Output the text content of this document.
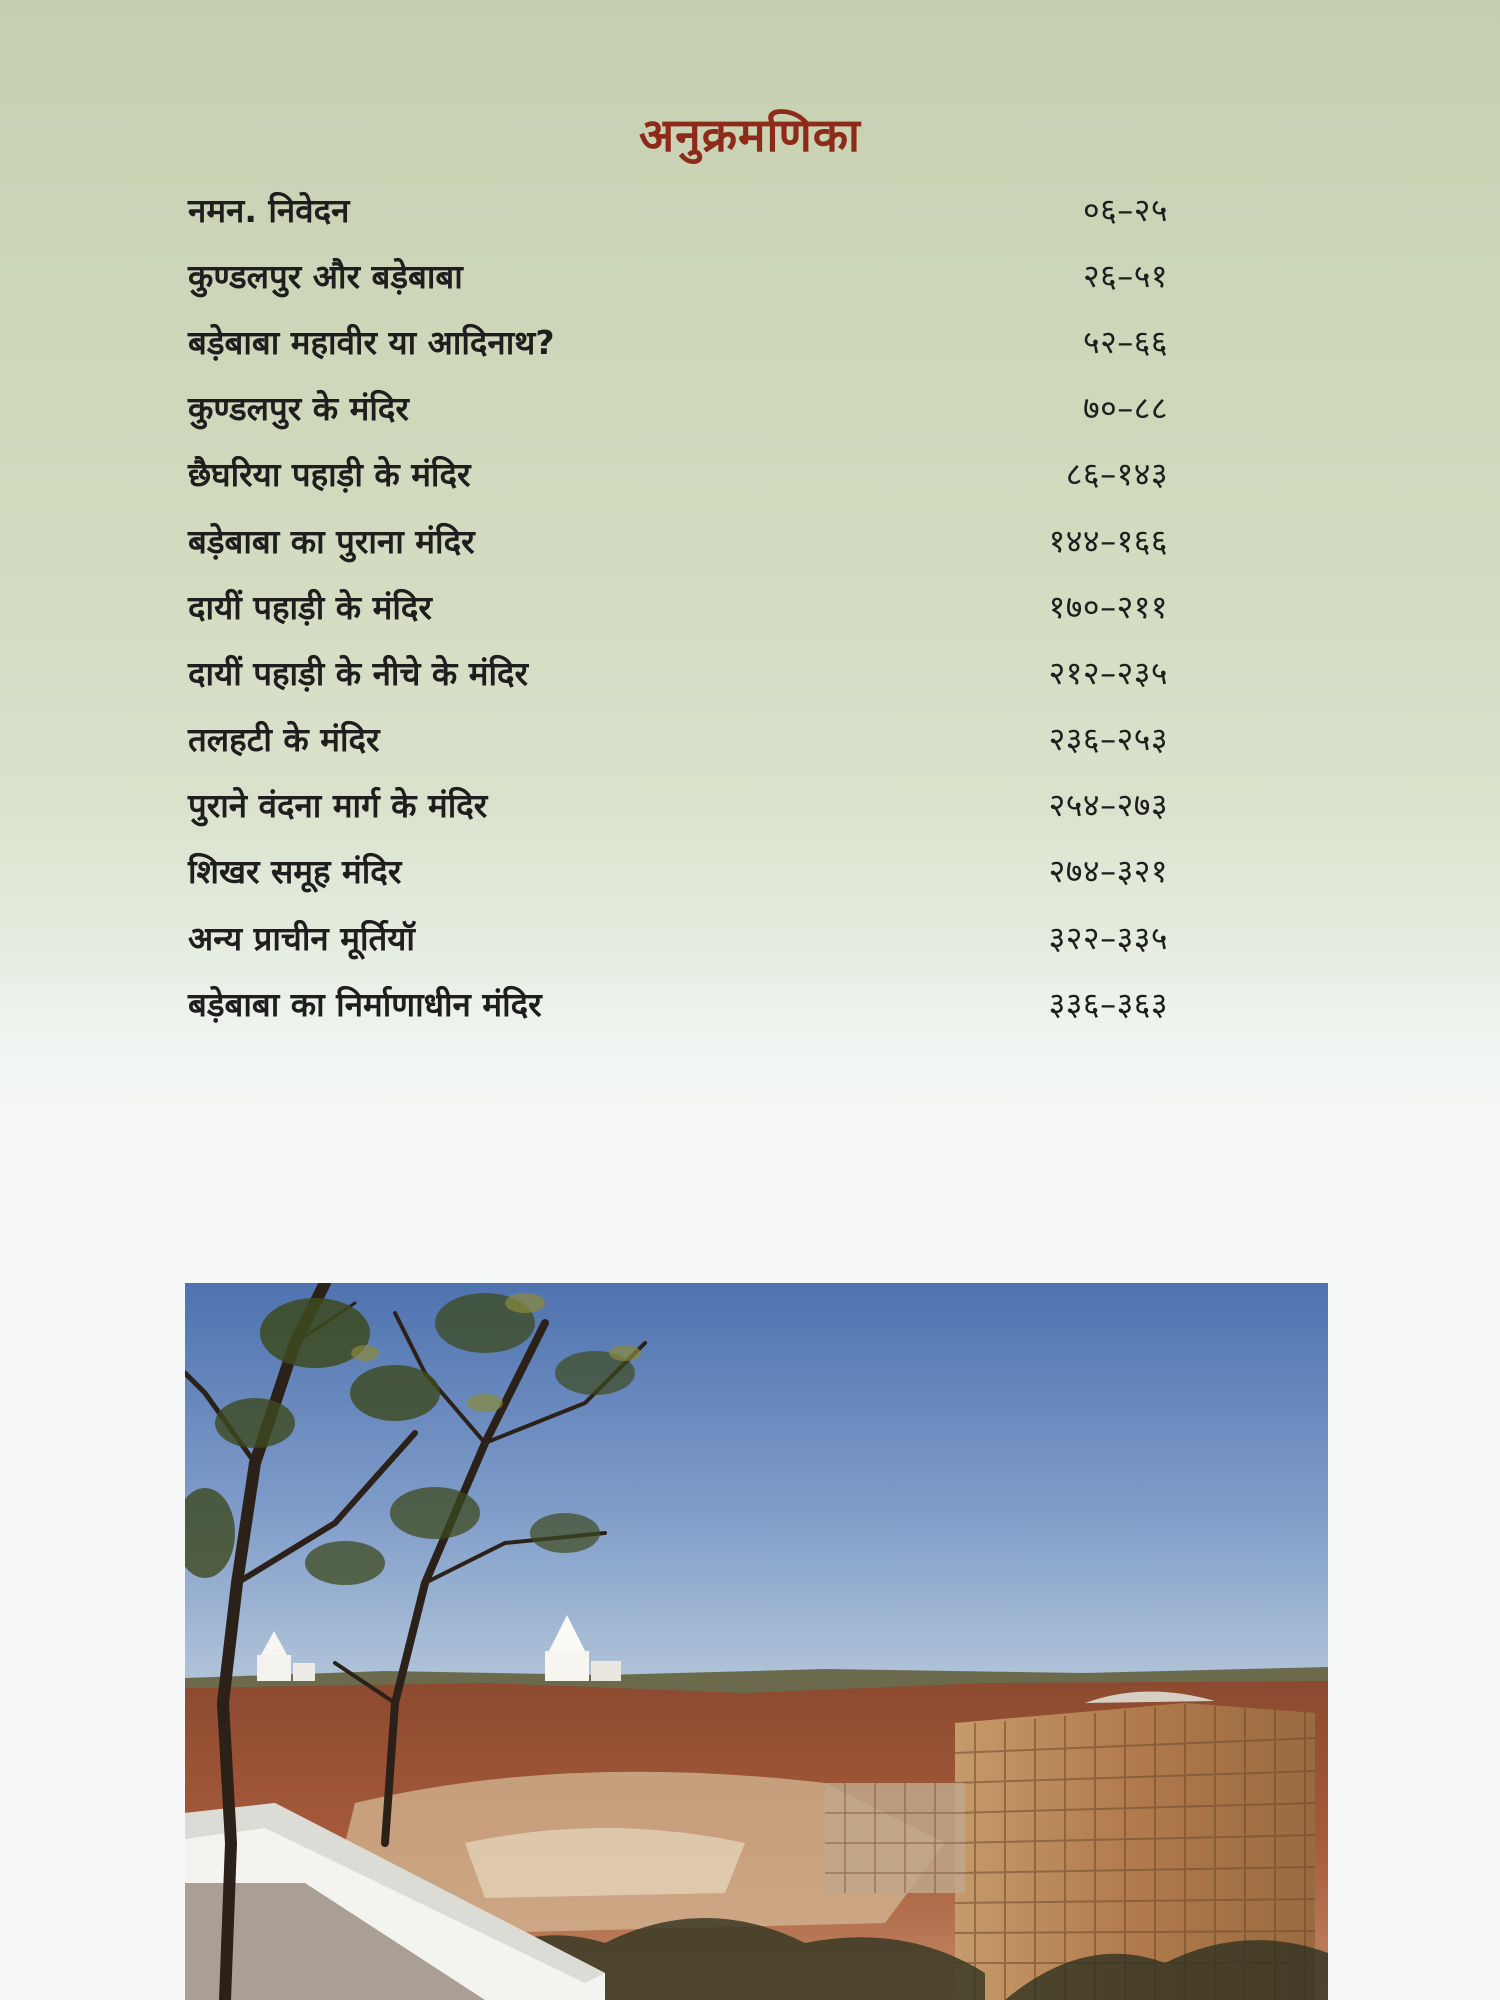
अनुक्रमणिका
नमन. निवेदन	०६–२५
कुण्डलपुर और बड़ेबाबा	२६–५१
बड़ेबाबा महावीर या आदिनाथ?	५२–६६
कुण्डलपुर के मंदिर	७०–८८
छैघरिया पहाड़ी के मंदिर	८६–१४३
बड़ेबाबा का पुराना मंदिर	१४४–१६६
दायीं पहाड़ी के मंदिर	१७०–२११
दायीं पहाड़ी के नीचे के मंदिर	२१२–२३५
तलहटी के मंदिर	२३६–२५३
पुराने वंदना मार्ग के मंदिर	२५४–२७३
शिखर समूह मंदिर	२७४–३२१
अन्य प्राचीन मूर्तियॉ	३२२–३३५
बड़ेबाबा का निर्माणाधीन मंदिर	३३६–३६३
